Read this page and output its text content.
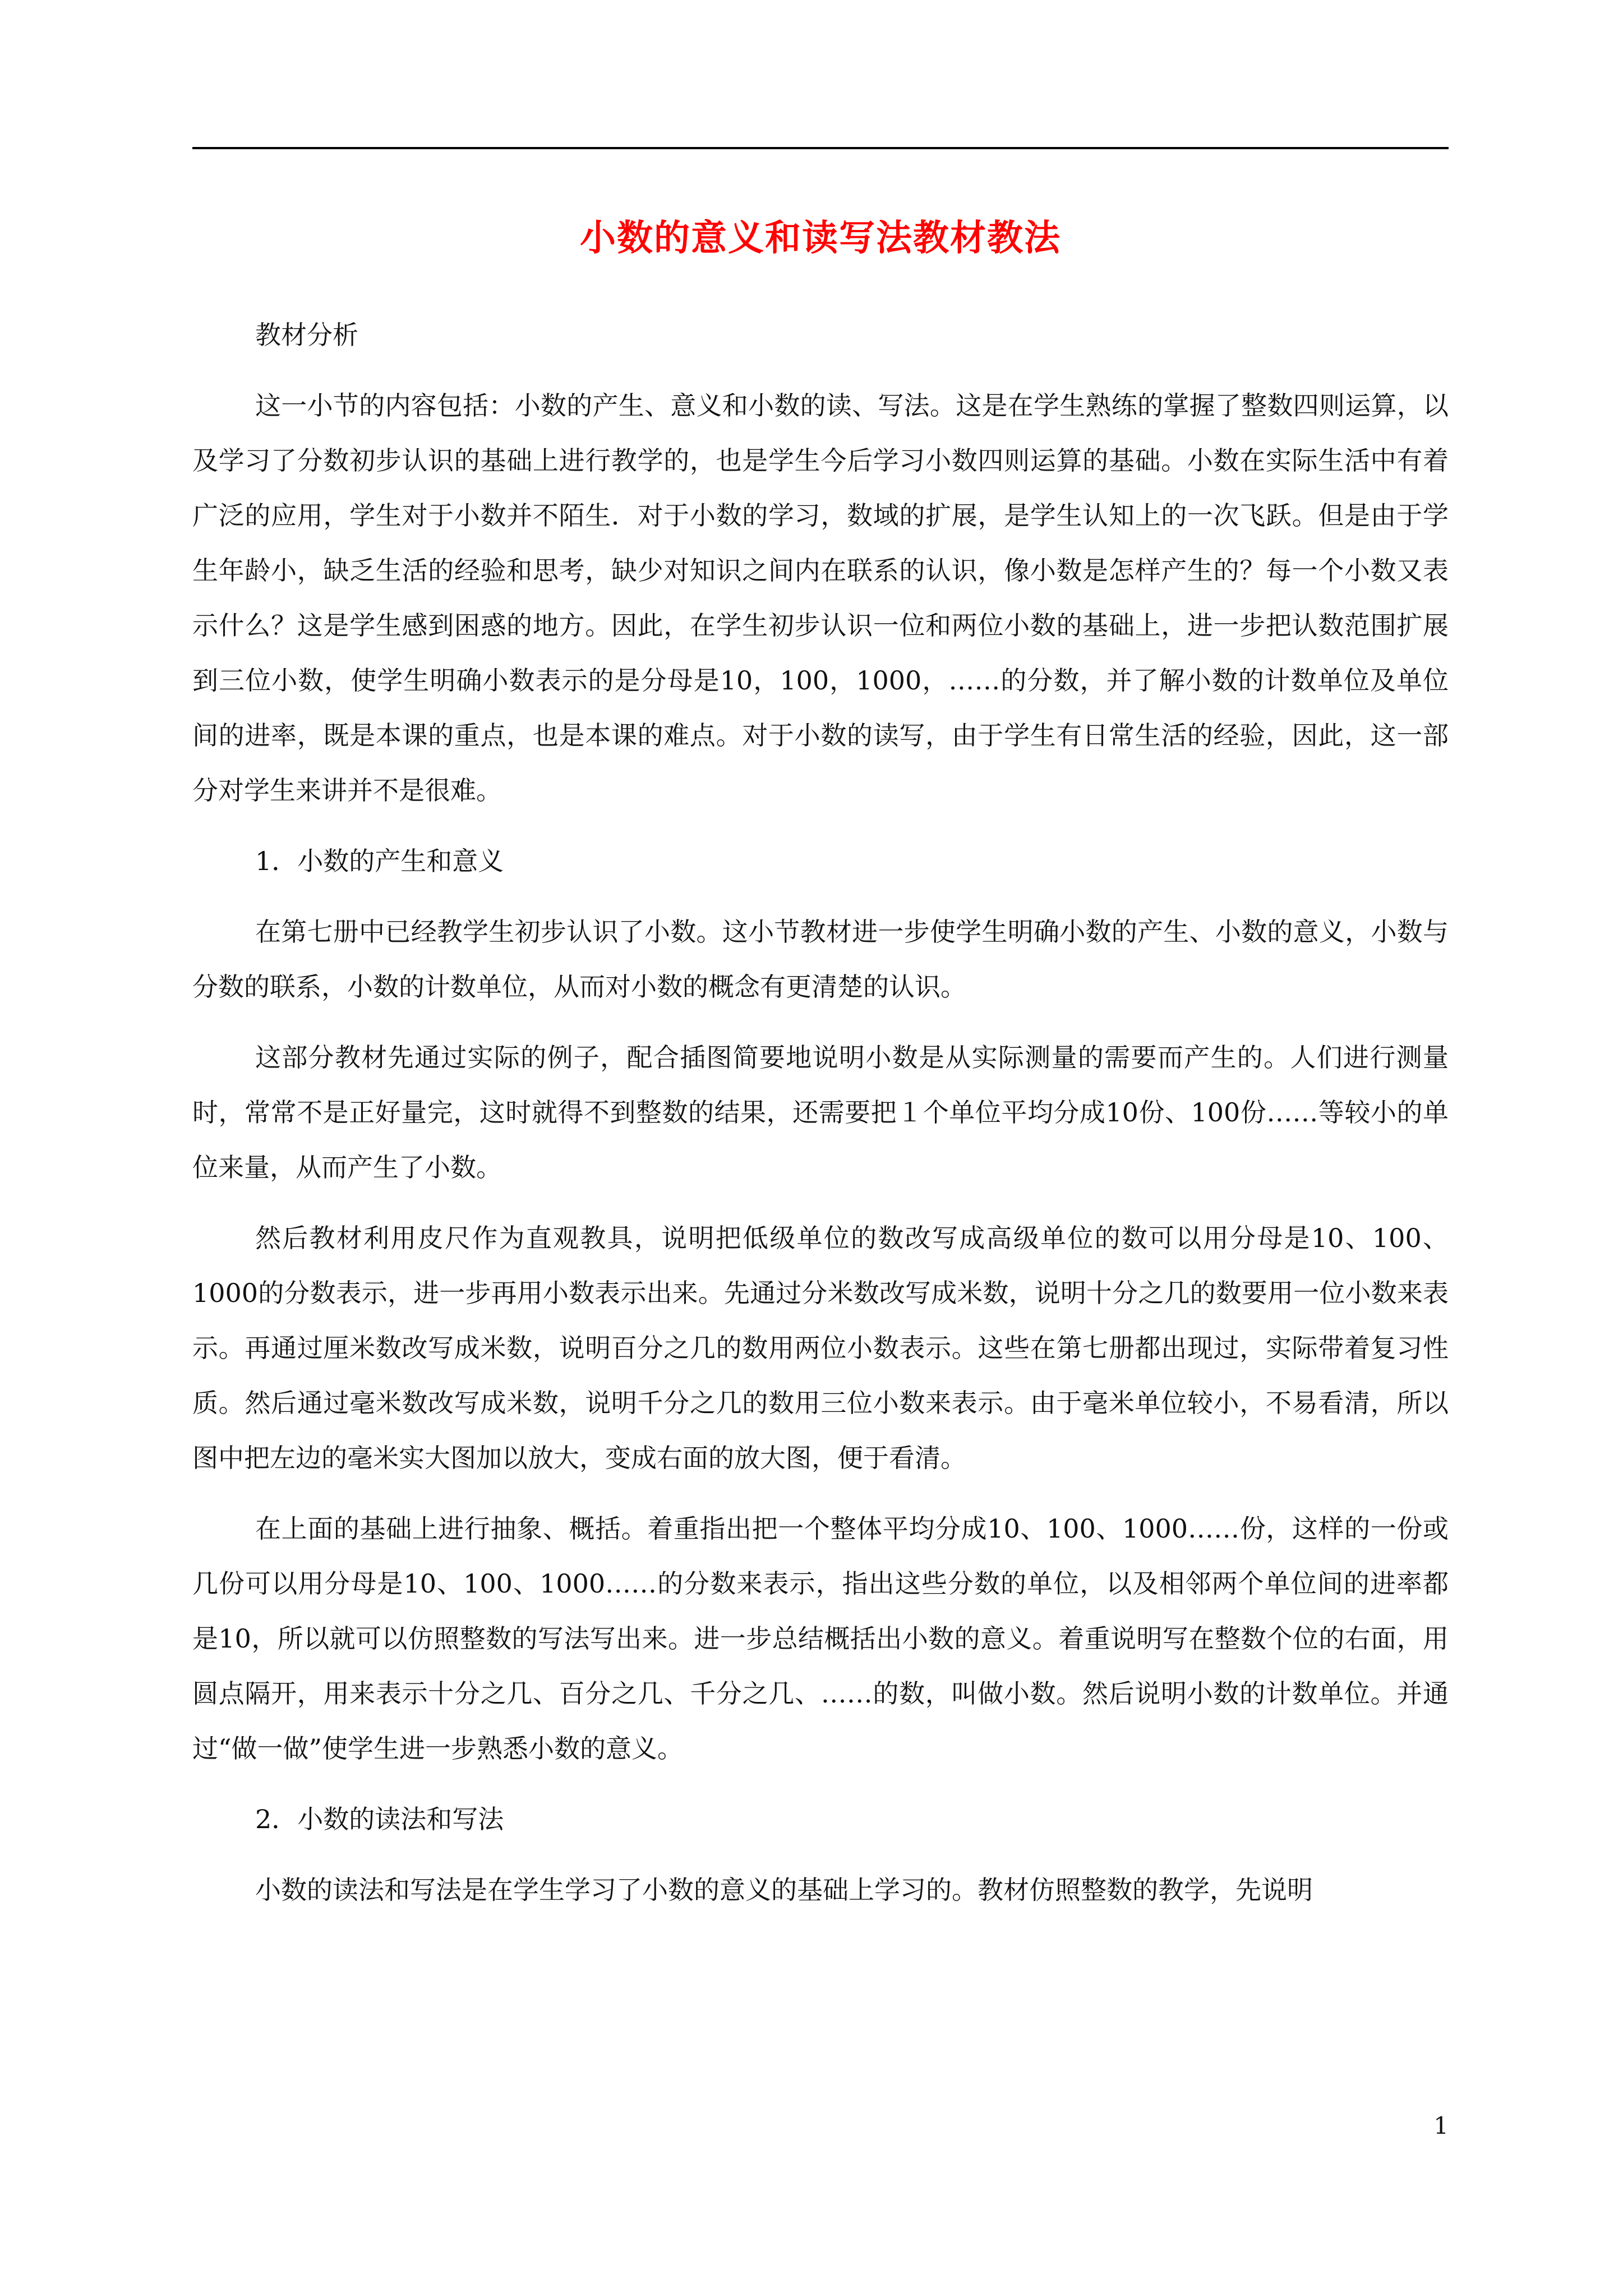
小数的意义和读写法教材教法

教材分析

这一小节的内容包括：小数的产生、意义和小数的读、写法。这是在学生熟练的掌握了整数四则运算，以及学习了分数初步认识的基础上进行教学的，也是学生今后学习小数四则运算的基础。小数在实际生活中有着广泛的应用，学生对于小数并不陌生．对于小数的学习，数域的扩展，是学生认知上的一次飞跃。但是由于学生年龄小，缺乏生活的经验和思考，缺少对知识之间内在联系的认识，像小数是怎样产生的？每一个小数又表示什么？这是学生感到困惑的地方。因此，在学生初步认识一位和两位小数的基础上，进一步把认数范围扩展到三位小数，使学生明确小数表示的是分母是10，100，1000，……的分数，并了解小数的计数单位及单位间的进率，既是本课的重点，也是本课的难点。对于小数的读写，由于学生有日常生活的经验，因此，这一部分对学生来讲并不是很难。

1．小数的产生和意义

在第七册中已经教学生初步认识了小数。这小节教材进一步使学生明确小数的产生、小数的意义，小数与分数的联系，小数的计数单位，从而对小数的概念有更清楚的认识。

这部分教材先通过实际的例子，配合插图简要地说明小数是从实际测量的需要而产生的。人们进行测量时，常常不是正好量完，这时就得不到整数的结果，还需要把１个单位平均分成10份、100份……等较小的单位来量，从而产生了小数。

然后教材利用皮尺作为直观教具，说明把低级单位的数改写成高级单位的数可以用分母是10、100、1000的分数表示，进一步再用小数表示出来。先通过分米数改写成米数，说明十分之几的数要用一位小数来表示。再通过厘米数改写成米数，说明百分之几的数用两位小数表示。这些在第七册都出现过，实际带着复习性质。然后通过毫米数改写成米数，说明千分之几的数用三位小数来表示。由于毫米单位较小，不易看清，所以图中把左边的毫米实大图加以放大，变成右面的放大图，便于看清。

在上面的基础上进行抽象、概括。着重指出把一个整体平均分成10、100、1000……份，这样的一份或几份可以用分母是10、100、1000……的分数来表示，指出这些分数的单位，以及相邻两个单位间的进率都是10，所以就可以仿照整数的写法写出来。进一步总结概括出小数的意义。着重说明写在整数个位的右面，用圆点隔开，用来表示十分之几、百分之几、千分之几、……的数，叫做小数。然后说明小数的计数单位。并通过“做一做”使学生进一步熟悉小数的意义。

2．小数的读法和写法

小数的读法和写法是在学生学习了小数的意义的基础上学习的。教材仿照整数的教学，先说明

1
